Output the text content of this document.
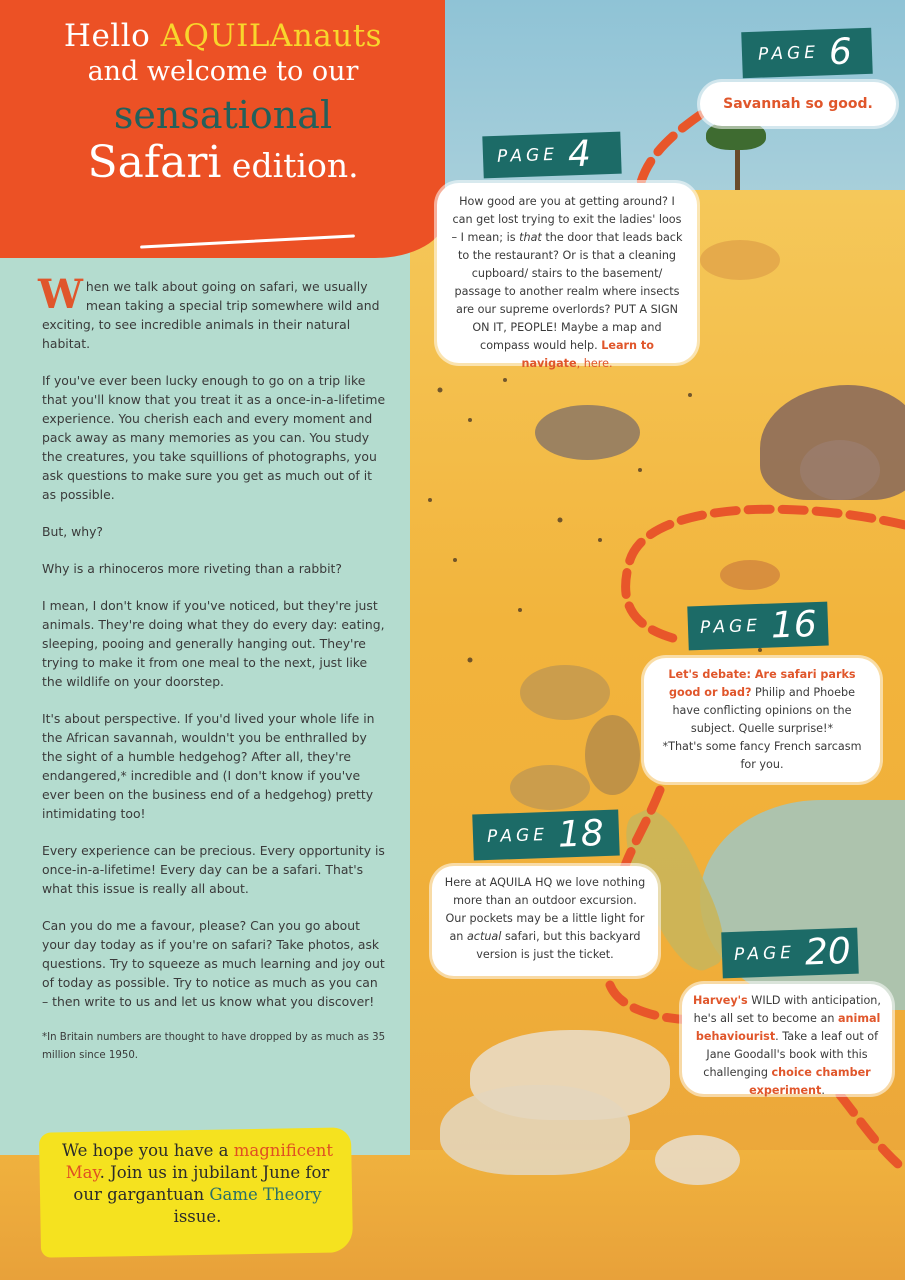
Hello AQUILAnauts
and welcome to our
sensational
Safari edition.

When we talk about going on safari, we usually mean taking a special trip somewhere wild and exciting, to see incredible animals in their natural habitat.

If you've ever been lucky enough to go on a trip like that you'll know that you treat it as a once-in-a-lifetime experience. You cherish each and every moment and pack away as many memories as you can. You study the creatures, you take squillions of photographs, you ask questions to make sure you get as much out of it as possible.

But, why?

Why is a rhinoceros more riveting than a rabbit?

I mean, I don't know if you've noticed, but they're just animals. They're doing what they do every day: eating, sleeping, pooing and generally hanging out. They're trying to make it from one meal to the next, just like the wildlife on your doorstep.

It's about perspective. If you'd lived your whole life in the African savannah, wouldn't you be enthralled by the sight of a humble hedgehog? After all, they're endangered,* incredible and (I don't know if you've ever been on the business end of a hedgehog) pretty intimidating too!

Every experience can be precious. Every opportunity is once-in-a-lifetime! Every day can be a safari. That's what this issue is really all about.

Can you do me a favour, please? Can you go about your day today as if you're on safari? Take photos, ask questions. Try to squeeze as much learning and joy out of today as possible. Try to notice as much as you can – then write to us and let us know what you discover!

*In Britain numbers are thought to have dropped by as much as 35 million since 1950.

We hope you have a magnificent May. Join us in jubilant June for our gargantuan Game Theory issue.
PAGE 6
Savannah so good.
PAGE 4
How good are you at getting around? I can get lost trying to exit the ladies' loos – I mean; is that the door that leads back to the restaurant? Or is that a cleaning cupboard/ stairs to the basement/ passage to another realm where insects are our supreme overlords? PUT A SIGN ON IT, PEOPLE! Maybe a map and compass would help. Learn to navigate, here.
PAGE 16
Let's debate: Are safari parks good or bad? Philip and Phoebe have conflicting opinions on the subject. Quelle surprise!*
*That's some fancy French sarcasm for you.
PAGE 18
Here at AQUILA HQ we love nothing more than an outdoor excursion. Our pockets may be a little light for an actual safari, but this backyard version is just the ticket.	PAGE 20
Harvey's WILD with anticipation, he's all set to become an animal behaviourist. Take a leaf out of Jane Goodall's book with this challenging choice chamber experiment.
